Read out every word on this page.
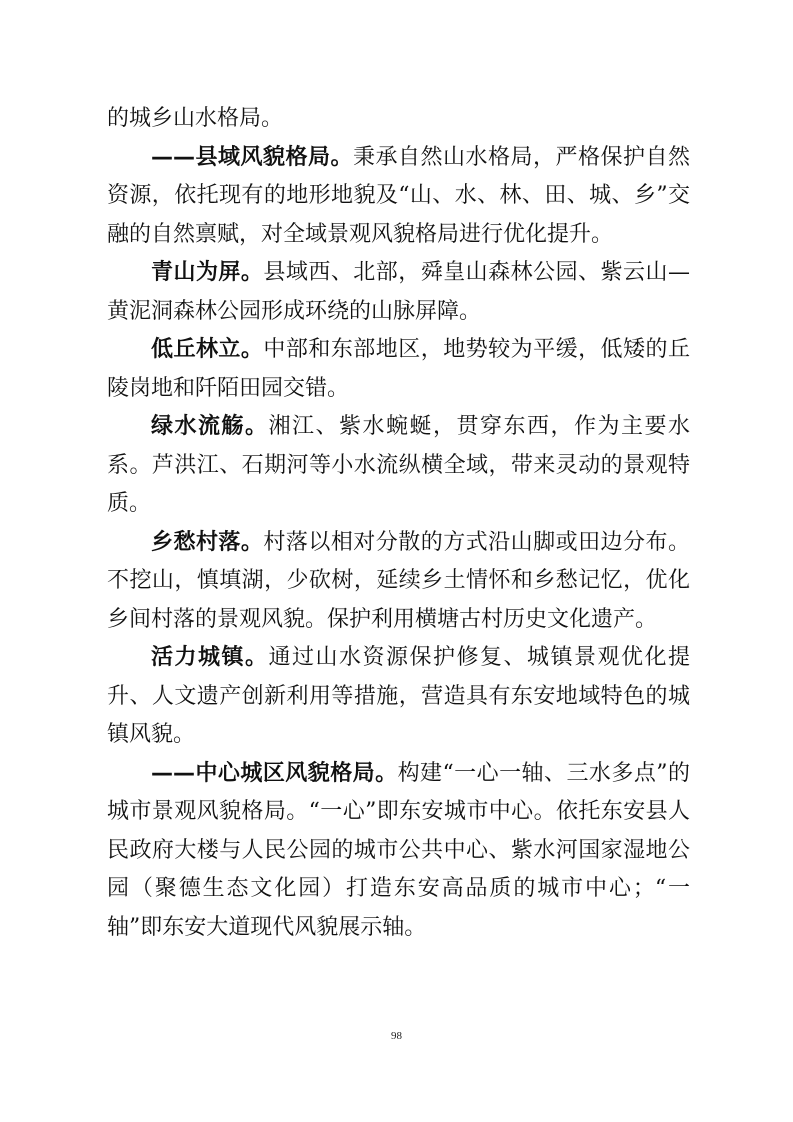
的城乡山水格局。

——县域风貌格局。秉承自然山水格局，严格保护自然资源，依托现有的地形地貌及“山、水、林、田、城、乡”交融的自然禀赋，对全域景观风貌格局进行优化提升。

青山为屏。县域西、北部，舜皇山森林公园、紫云山—黄泥洞森林公园形成环绕的山脉屏障。

低丘林立。中部和东部地区，地势较为平缓，低矮的丘陵岗地和阡陌田园交错。

绿水流觞。湘江、紫水蜿蜒，贯穿东西，作为主要水系。芦洪江、石期河等小水流纵横全域，带来灵动的景观特质。

乡愁村落。村落以相对分散的方式沿山脚或田边分布。不挖山，慎填湖，少砍树，延续乡土情怀和乡愁记忆，优化乡间村落的景观风貌。保护利用横塘古村历史文化遗产。

活力城镇。通过山水资源保护修复、城镇景观优化提升、人文遗产创新利用等措施，营造具有东安地域特色的城镇风貌。

——中心城区风貌格局。构建“一心一轴、三水多点”的城市景观风貌格局。“一心”即东安城市中心。依托东安县人民政府大楼与人民公园的城市公共中心、紫水河国家湿地公园（聚德生态文化园）打造东安高品质的城市中心；“一轴”即东安大道现代风貌展示轴。

98
